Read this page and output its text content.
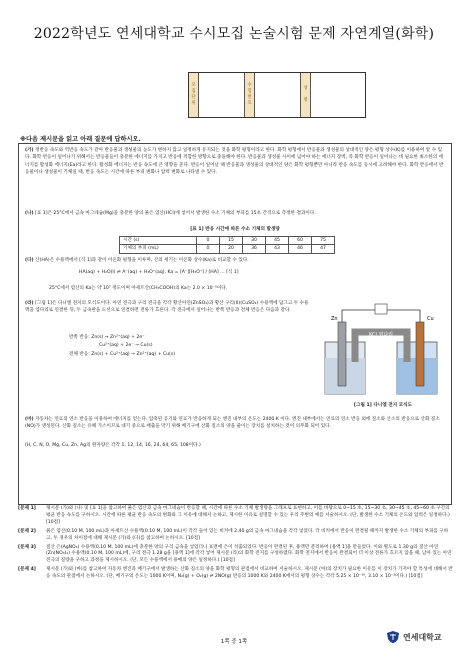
2022학년도 연세대학교 수시모집 논술시험 문제 자연계열(화학)
모
집
단
위
수
험
번
호
성
명
※다음 제시문을 읽고 아래 질문에 답하시오.
(가) 정반응 속도와 역반응 속도가 같아 반응물과 생성물의 농도가 변하지 않고 일정하게 유지되는 것을 화학 평형이라고 한다. 화학 평형에서 반응물과 생성물의 상대적인 양은 평형 상수(K)를 이용하여 알 수 있다. 화학 반응이 일어나기 위해서는 반응물들이 충분한 에너지를 가지고 반응에 적합한 방향으로 충돌해야 한다. 반응물과 생성물 사이에 넘어야 하는 에너지 장벽, 즉 화학 반응이 일어나는 데 필요한 최소한의 에너지를 활성화 에너지(Ea)라고 한다. 활성화 에너지는 반응 속도에 큰 영향을 준다. 반응이 일어날 때 반응물과 생성물의 상대적인 양은 화학 평형뿐만 아니라 반응 속도를 동시에 고려해야 한다. 화학 반응에서 반응물이나 생성물이 기체일 때, 반응 속도는 시간에 따른 부피 변화나 압력 변화로 나타낼 수 있다.
(나) [표 1]은 25°C에서 금속 마그네슘(Mg)을 충분한 양의 묽은 염산(HCl)에 넣어서 발생한 수소 기체의 부피를 15초 간격으로 측정한 결과이다.
[표 1] 반응 시간에 따른 수소 기체의 발생량
시간 (s)	0	15	30	45	60	75
기체의 부피 (mL)	0	20	36	43	46	47
(다) 산(HA)은 수용액에서 [식 1]과 같이 이온화 평형을 이루며, 산의 세기는 이온화 상수(Ka)로 비교할 수 있다.
HA(aq) + H₂O(l) ⇌ A⁻(aq) + H₃O⁺(aq), Ka = [A⁻][H₃O⁺] / [HA] … [식 1]
25°C에서 염산의 Ka는 약 10⁷ 정도이며 아세트산(CH₃COOH)의 Ka는 2.0 × 10⁻⁵이다.
(라) [그림 1]은 다니엘 전지의 모식도이다. 아연 전극과 구리 전극을 각각 황산아연(ZnSO₄)과 황산 구리(II)(CuSO₄) 수용액에 담그고 두 수용액을 염다리로 연결한 뒤, 두 금속판을 도선으로 연결하면 전류가 흐른다. 각 전극에서 일어나는 반쪽 반응과 전체 반응은 다음과 같다.
반쪽 반응: Zn(s) → Zn²⁺(aq) + 2e⁻
Cu²⁺(aq) + 2e⁻ → Cu(s)
전체 반응: Zn(s) + Cu²⁺(aq) → Zn²⁺(aq) + Cu(s)
KCl 염다리
Zn	Cu
[그림 1] 다니엘 전지 모식도
(마) 자동차는 연료의 연소 반응을 이용하여 에너지를 얻는다. 압축된 공기와 연료가 반응하게 되는 엔진 내부의 온도는 2400 K 이다. 엔진 내부에서는 연료의 연소 반응 외에 질소와 산소의 반응으로 산화 질소(NO)가 생성된다. 산화 질소는 유해 가스이므로 대기 중으로 배출을 막기 위해 배기구에 산화 질소의 양을 줄이는 장치를 설치하는 것이 의무화 되어 있다.
(H, C, N, O, Mg, Cu, Zn, Ag의 원자량은 각각 1, 12, 14, 16, 24, 64, 65, 108이다.)
[문제 1] 제시문 (가)와 (나) 및 [표 1]을 참고하여 묽은 염산과 금속 마그네슘이 반응할 때, 시간에 따른 수소 기체 발생량을 그래프로 표현하고, 이를 바탕으로 0~15 초, 15~30 초, 30~45 초, 45~60 초 구간의 평균 반응 속도를 구하시오. 시간에 따른 평균 반응 속도의 변화와 그 이유에 대해서 논하고, 제시한 이유로 설명할 수 있는 우리 주변의 예를 서술하시오. (단, 발생한 수소 기체의 온도와 압력은 일정하다.) [10점]
[문제 2] 묽은 염산(0.10 M, 100 mL)과 아세트산 수용액(0.10 M, 100 mL)이 각각 들어 있는 비커에 2.40 g의 금속 마그네슘을 각각 넣었다. 각 비커에서 반응이 완결될 때까지 발생한 수소 기체의 부피를 구하고, 두 경우의 차이점에 대해 제시문 (가)와 (다)를 참고하여 논하시오. [10점]
[문제 3] 질산 은(AgNO₃) 수용액(0.10 M, 100 mL)에 충분한 양의 구리 금속을 넣었더니 표면에 은이 석출되었다. 반응이 완결된 후, 용액만 분리하여 [용액 1]을 만들었다. 이와 별도로 1.30 g의 질산 아연(Zn(NO₃)₂) 수용액(0.10 M, 100 mL)에, 구리 전극 1.28 g을 [용액 1]에 각각 넣어 제시문 (라)의 화학 전지를 구성하였다. 화학 전지에서 반응이 완결되어 더 이상 전류가 흐르지 않을 때, 남아 있는 아연 전극의 질량을 구하고 과정을 제시하시오. (단, 모든 수용액에서 용매의 양은 일정하다.) [10점]
[문제 4] 제시문 (가)와 (마)를 참고하여 자동차 엔진과 배기구에서 발생하는 산화 질소의 양을 화학 평형의 관점에서 비교하여 서술하시오. 제시문 (마)의 장치가 필요한 이유를 이 장치가 가져야 할 특성에 대해서 반응 속도의 관점에서 논하시오. (단, 배기구의 온도는 1000 K이며, N₂(g) + O₂(g) ⇌ 2NO(g) 반응의 1000 K와 2400 K에서의 평형 상수는 각각 5.25 × 10⁻¹⁰, 3.10 × 10⁻³이다.) [10점]
1쪽 중 1쪽
연세대학교
